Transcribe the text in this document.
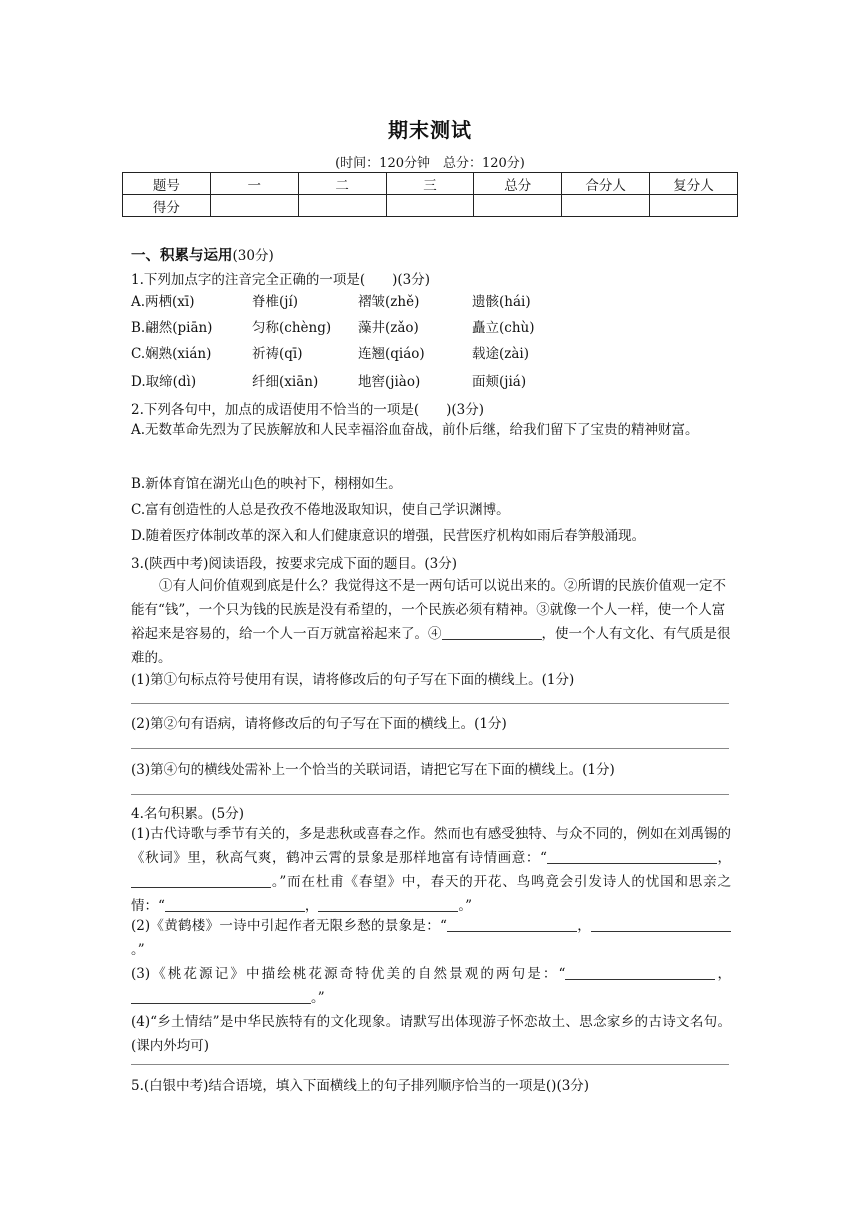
期末测试
(时间：120分钟　总分：120分)
题号	一	二	三	总分	合分人	复分人
得分						
一、积累与运用(30分)
1.下列加点字的注音完全正确的一项是(　　)(3分)
A.两栖(xī)	脊椎(jí)	褶皱(zhě)	遗骸(hái)
B.翩然(piān)	匀称(chèng) 藻井(zǎo)	矗立(chù)
C.娴熟(xián)	祈祷(qī)	连翘(qiáo)	载途(zài)
D.取缔(dì)	纤细(xiān)	地窖(jiào)	面颊(jiá)
2.下列各句中，加点的成语使用不恰当的一项是(　　)(3分)
A.无数革命先烈为了民族解放和人民幸福浴血奋战，前仆后继，给我们留下了宝贵的精神财富。
B.新体育馆在湖光山色的映衬下，栩栩如生。
C.富有创造性的人总是孜孜不倦地汲取知识，使自己学识渊博。
D.随着医疗体制改革的深入和人们健康意识的增强，民营医疗机构如雨后春笋般涌现。
3.(陕西中考)阅读语段，按要求完成下面的题目。(3分)
①有人问价值观到底是什么？我觉得这不是一两句话可以说出来的。②所谓的民族价值观一定不能有“钱”，一个只为钱的民族是没有希望的，一个民族必须有精神。③就像一个人一样，使一个人富裕起来是容易的，给一个人一百万就富裕起来了。④	，使一个人有文化、有气质是很难的。
(1)第①句标点符号使用有误，请将修改后的句子写在下面的横线上。(1分)
(2)第②句有语病，请将修改后的句子写在下面的横线上。(1分)
(3)第④句的横线处需补上一个恰当的关联词语，请把它写在下面的横线上。(1分)
4.名句积累。(5分)
(1)古代诗歌与季节有关的，多是悲秋或喜春之作。然而也有感受独特、与众不同的，例如在刘禹锡的《秋词》里，秋高气爽，鹤冲云霄的景象是那样地富有诗情画意：“	，。”而在杜甫《春望》中，春天的开花、鸟鸣竟会引发诗人的忧国和思亲之情：“	，	。”
(2)《黄鹤楼》一诗中引起作者无限乡愁的景象是：“	，。”
(3)《桃花源记》中描绘桃花源奇特优美的自然景观的两句是：“	，。”
(4)“乡土情结”是中华民族特有的文化现象。请默写出体现游子怀恋故土、思念家乡的古诗文名句。(课内外均可)
5.(白银中考)结合语境，填入下面横线上的句子排列顺序恰当的一项是()(3分)
